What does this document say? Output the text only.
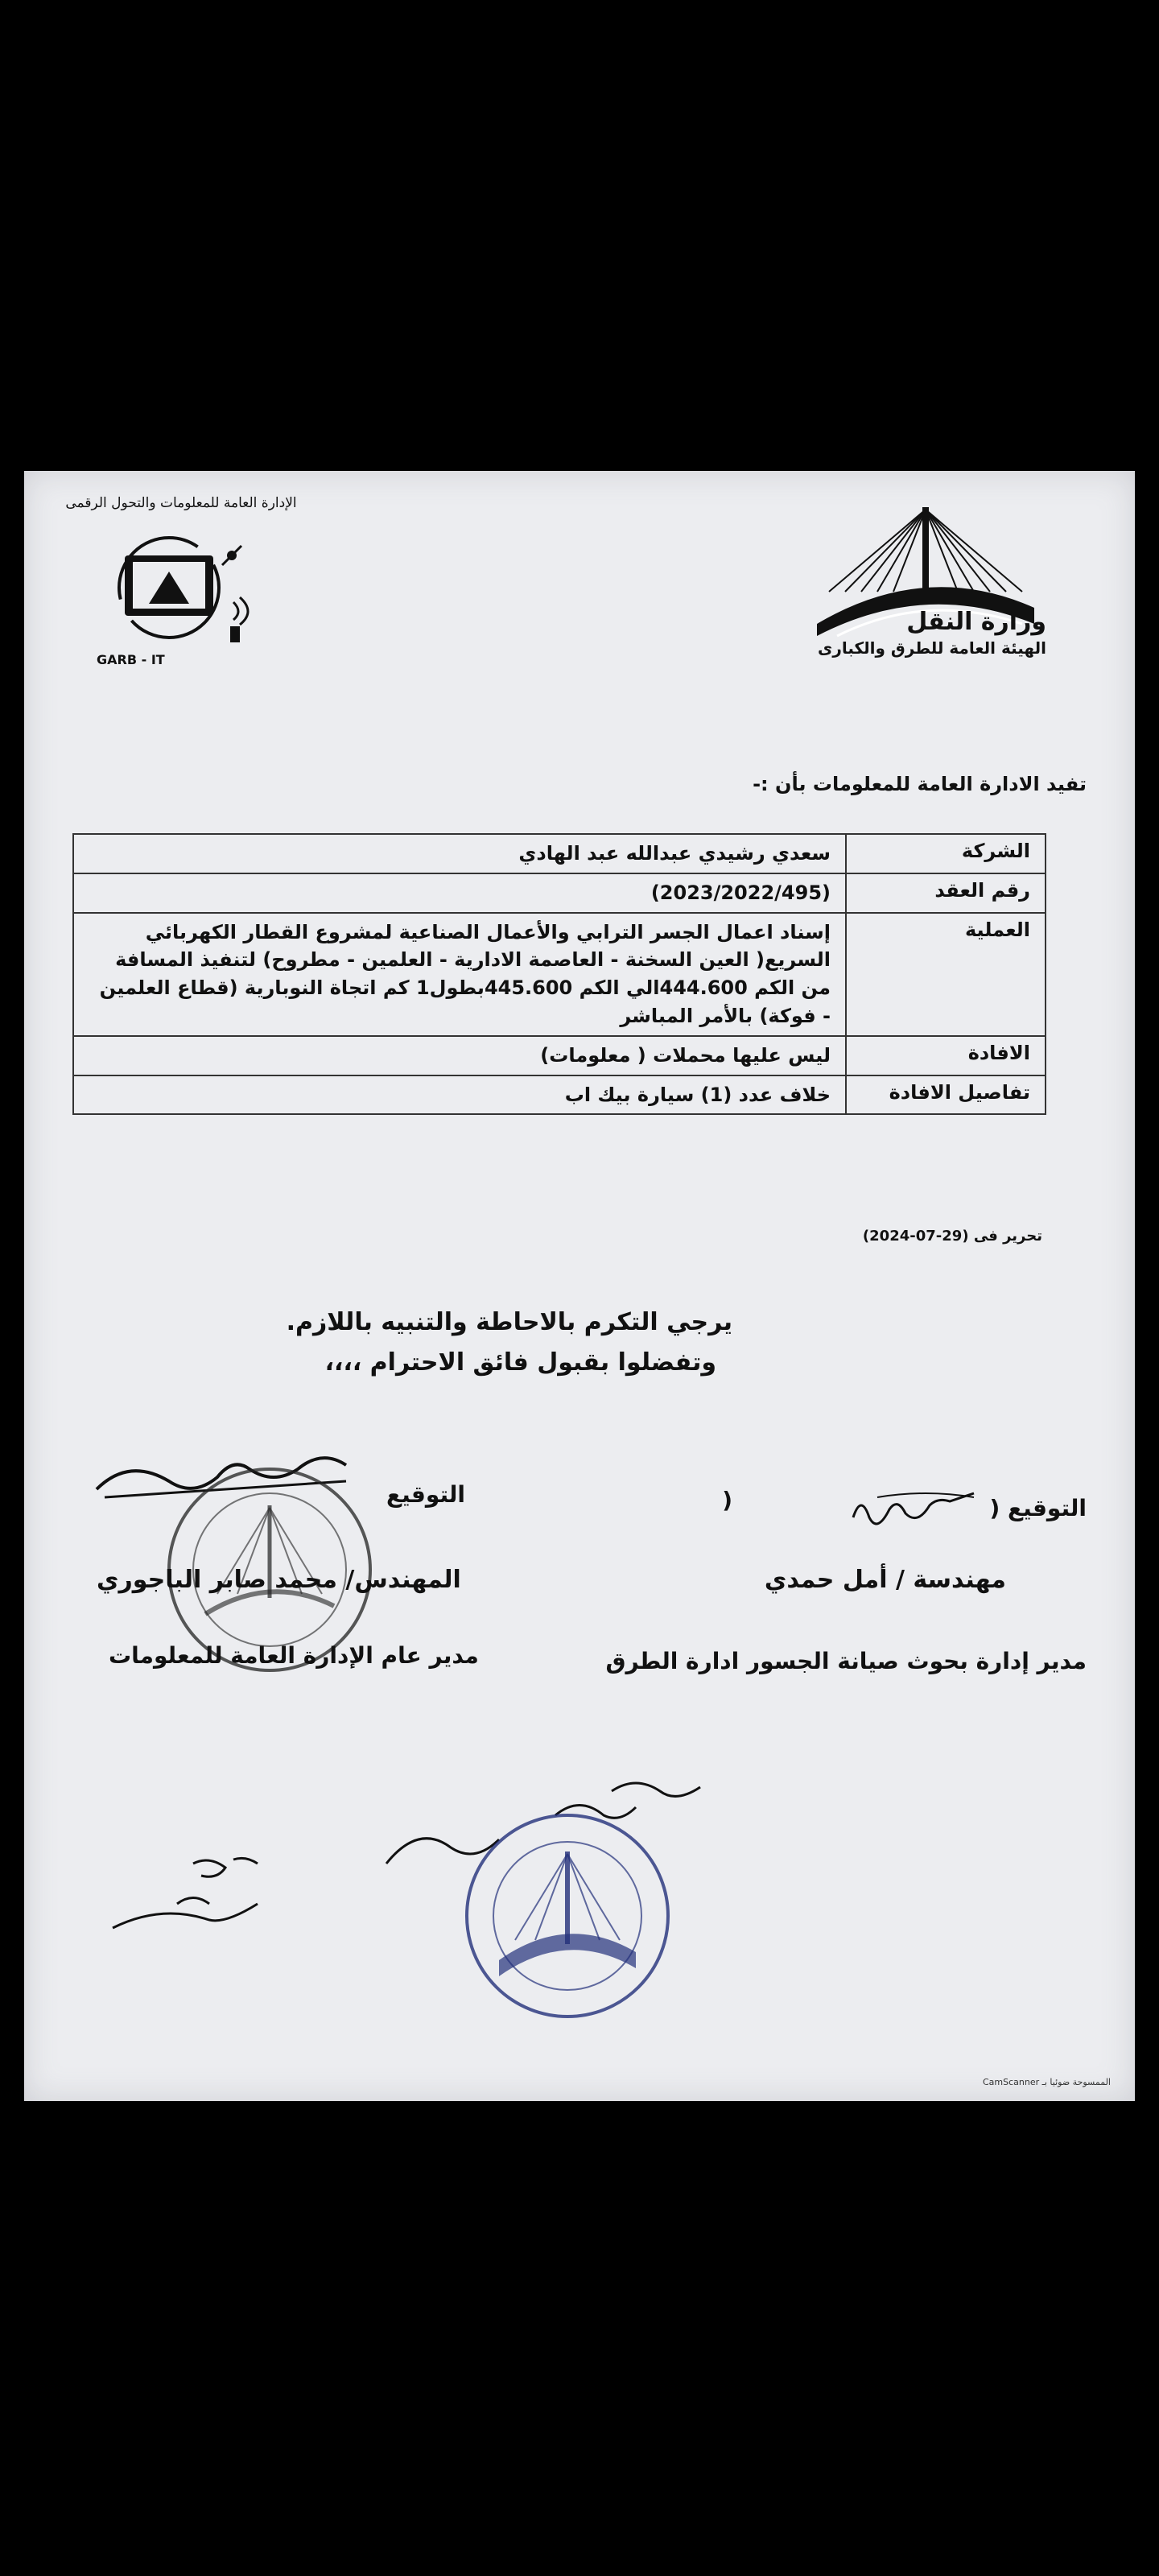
وزارة النقل
الهيئة العامة للطرق والكبارى
الإدارة العامة للمعلومات والتحول الرقمى
GARB - IT
تفيد الادارة العامة للمعلومات بأن :-
الشركة	سعدي رشيدي عبدالله عبد الهادي
رقم العقد	(2023/2022/495)
العملية	إسناد اعمال الجسر الترابي والأعمال الصناعية لمشروع القطار الكهربائي السريع( العين السخنة - العاصمة الادارية - العلمين - مطروح) لتنفيذ المسافة من الكم 444.600الي الكم 445.600بطول1 كم اتجاة النوبارية (قطاع العلمين - فوكة) بالأمر المباشر
الافادة	ليس عليها محملات ( معلومات)
تفاصيل الافادة	خلاف عدد (1) سيارة بيك اب
تحرير فى (29-07-2024)
يرجي التكرم بالاحاطة والتنبيه باللازم.
وتفضلوا بقبول فائق الاحترام ،،،،
التوقيع (
)
مهندسة / أمل حمدي
مدير إدارة بحوث صيانة الجسور ادارة الطرق
التوقيع
المهندس/ محمد صابر الباجوري
مدير عام الإدارة العامة للمعلومات
CamScanner الممسوحة ضوئيا بـ
